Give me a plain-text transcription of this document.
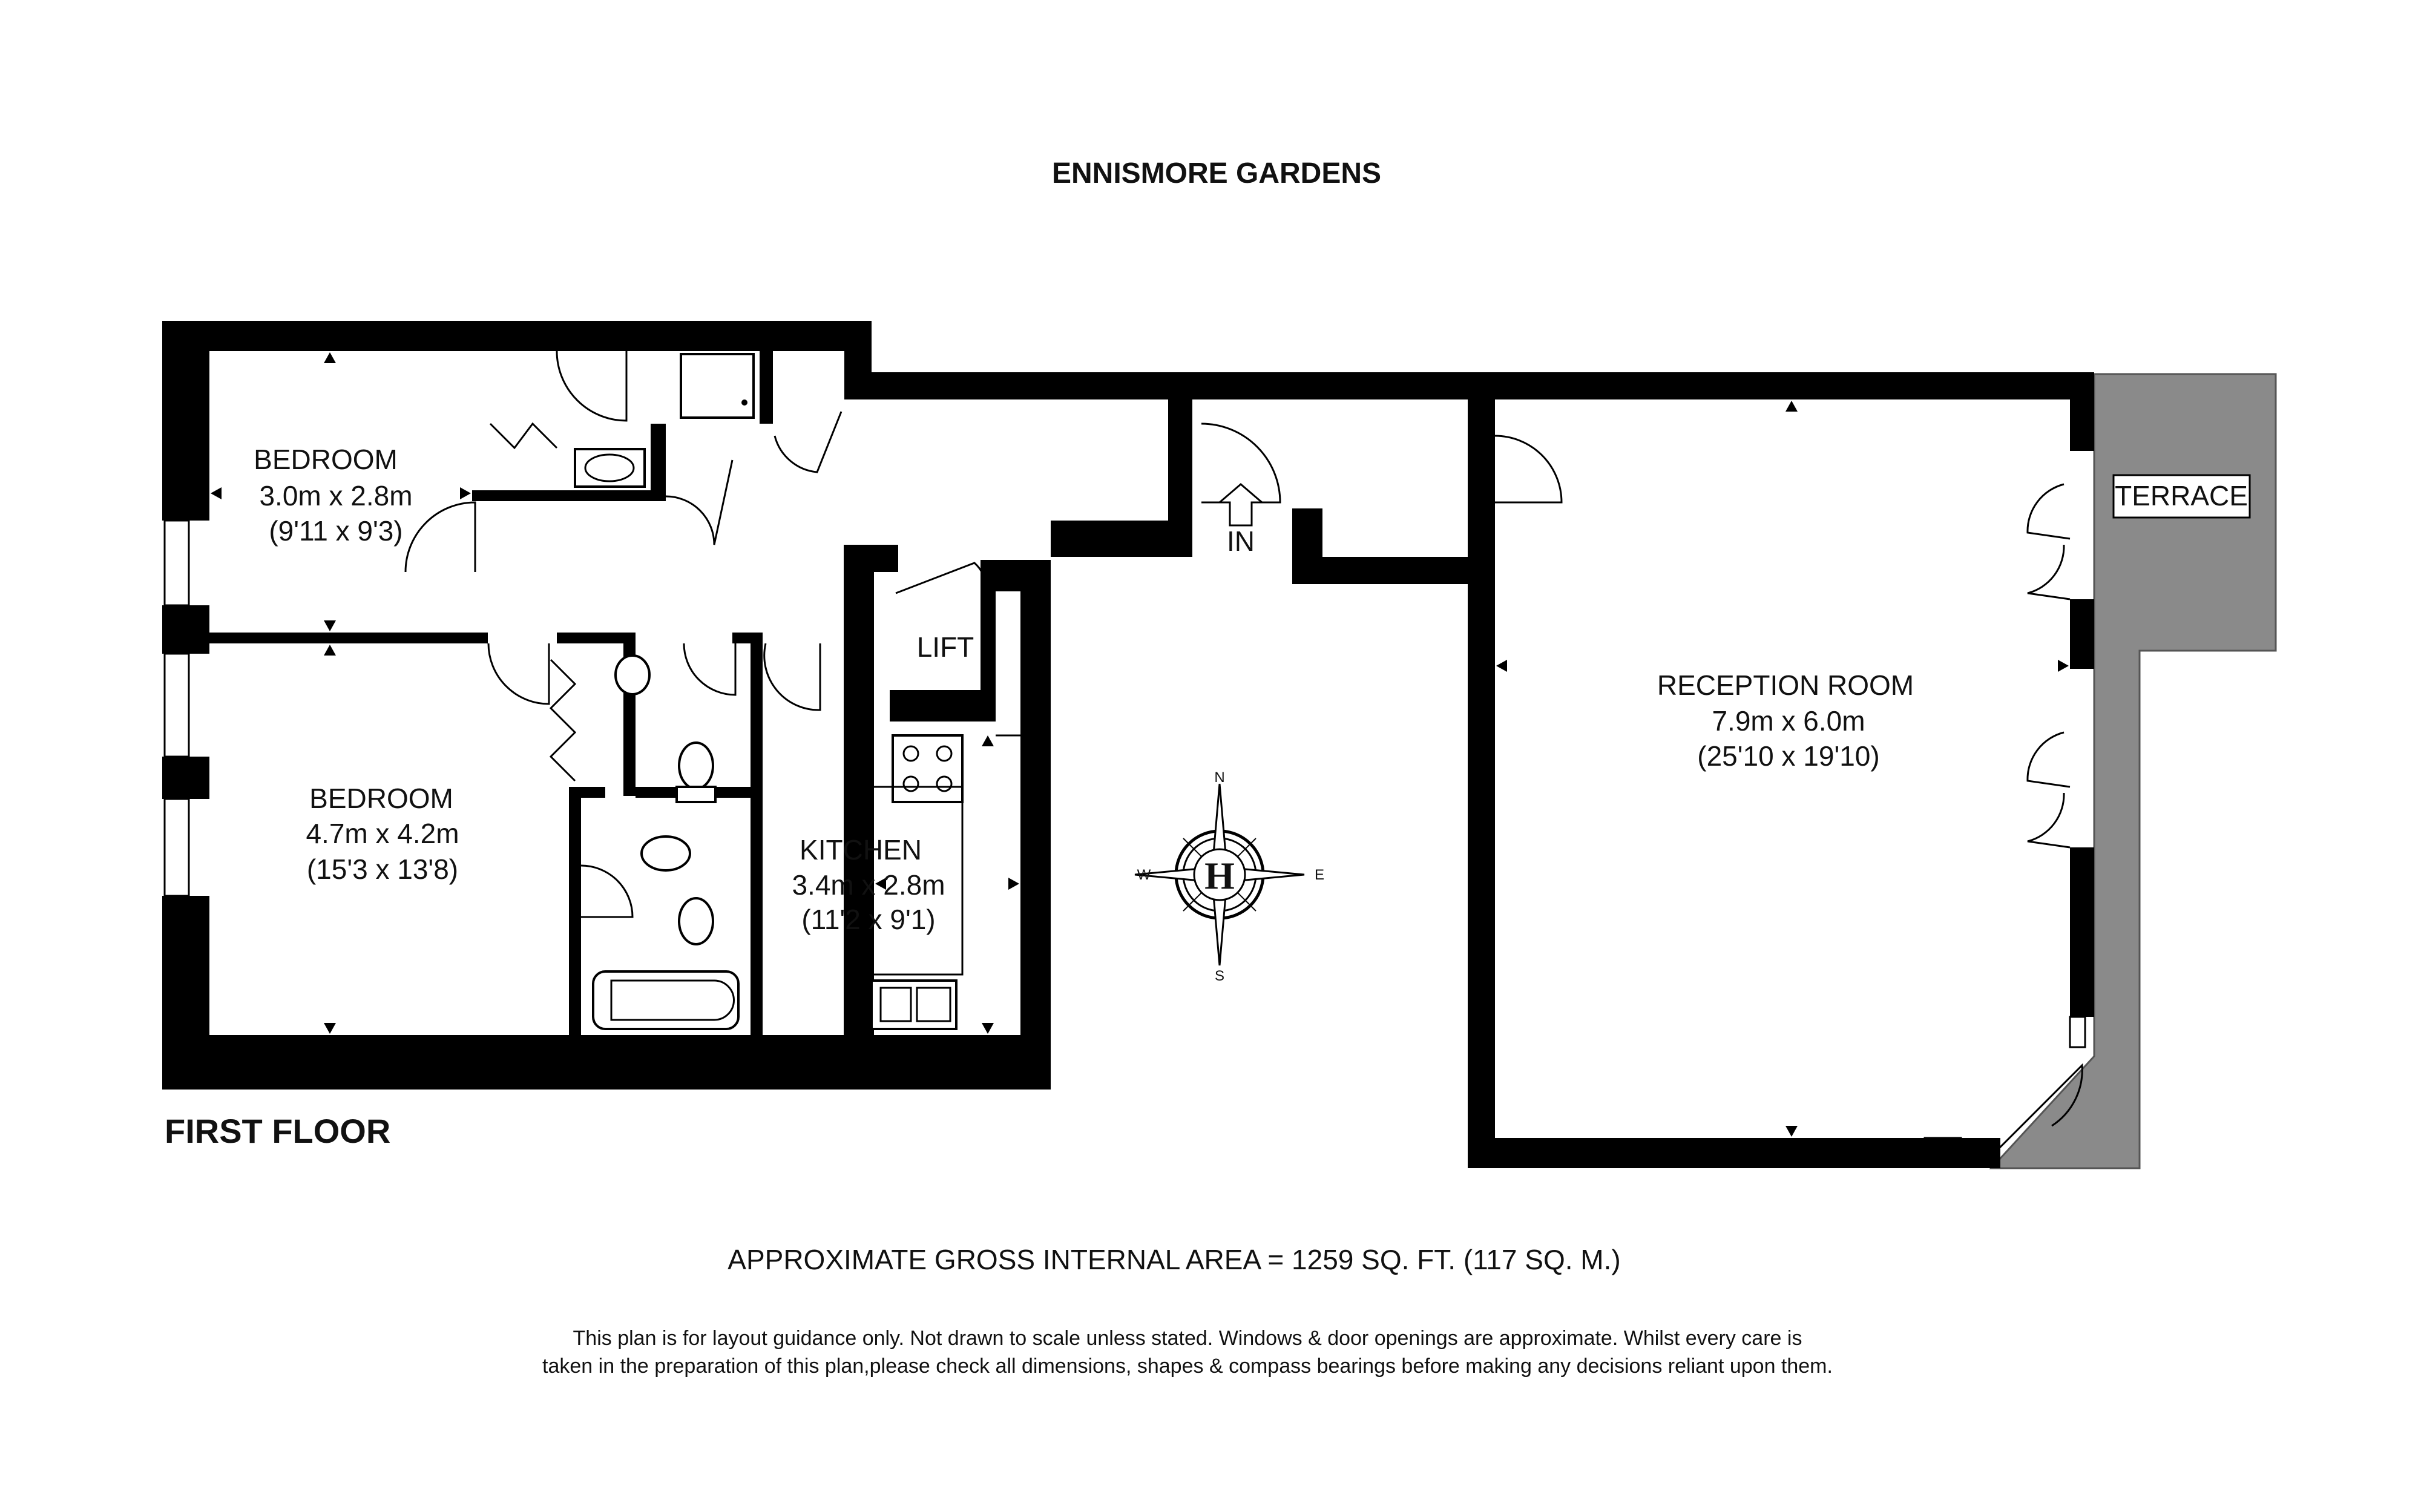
ENNISMORE GARDENS
TERRACE
BEDROOM
3.0m x 2.8m
(9'11 x 9'3)
BEDROOM
4.7m x 4.2m
(15'3 x 13'8)
KITCHEN
3.4m x 2.8m
(11'2 x 9'1)
RECEPTION ROOM
7.9m x 6.0m
(25'10 x 19'10)
LIFT
IN
H
N
S
E
W
FIRST FLOOR
APPROXIMATE GROSS INTERNAL AREA = 1259 SQ. FT. (117 SQ. M.)
This plan is for layout guidance only. Not drawn to scale unless stated. Windows & door openings are approximate. Whilst every care is
taken in the preparation of this plan,please check all dimensions, shapes & compass bearings before making any decisions reliant upon them.
